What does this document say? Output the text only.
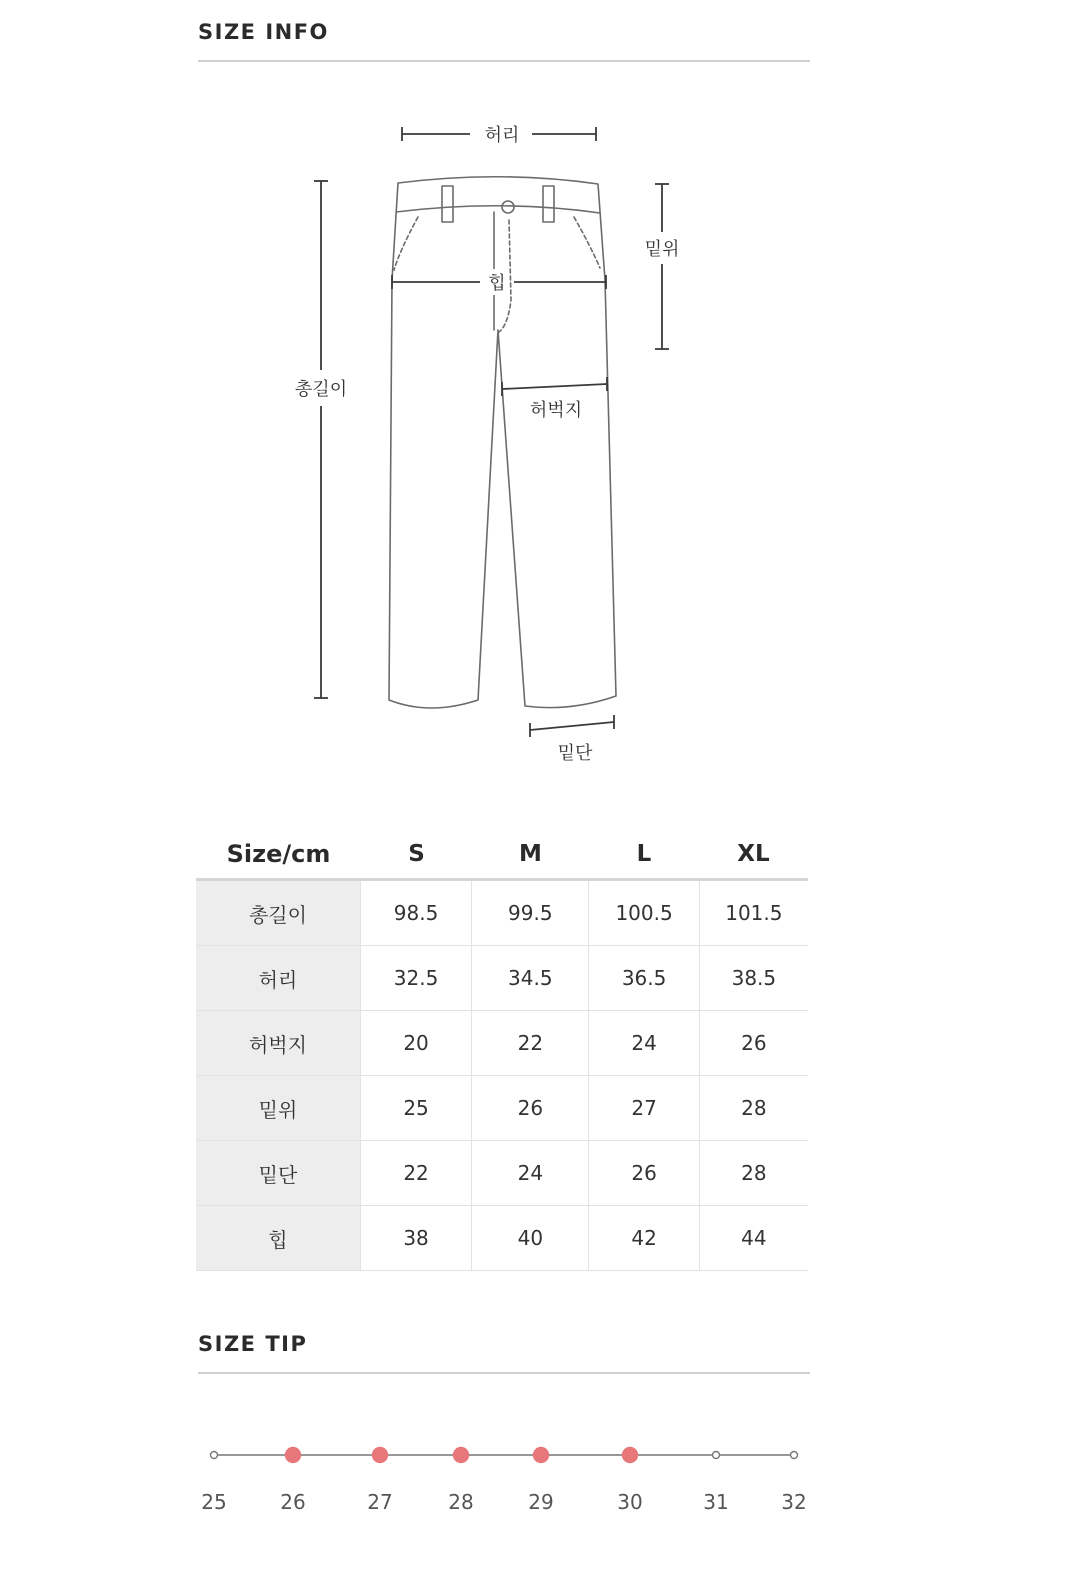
SIZE INFO
허리
밑위
힙
총길이
허벅지
밑단
Size/cm	S	M	L	XL
총길이	98.5	99.5	100.5	101.5
허리	32.5	34.5	36.5	38.5
허벅지	20	22	24	26
밑위	25	26	27	28
밑단	22	24	26	28
힙	38	40	42	44
SIZE TIP
25	26	27	28	29	30	31	32
